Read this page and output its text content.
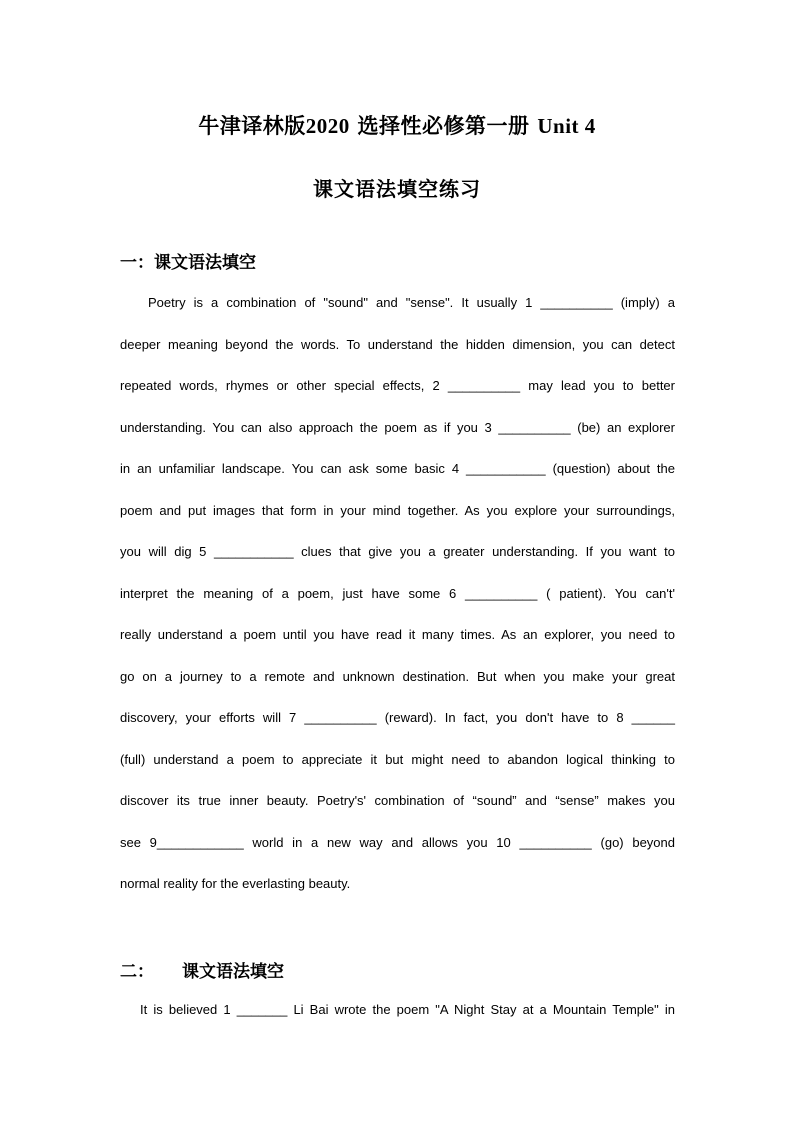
牛津译林版2020 选择性必修第一册 Unit 4
课文语法填空练习
一：课文语法填空
Poetry is a combination of "sound" and "sense". It usually 1 __________ (imply) a
deeper meaning beyond the words. To understand the hidden dimension, you can detect
repeated words, rhymes or other special effects, 2 __________ may lead you to better
understanding. You can also approach the poem as if you 3 __________ (be) an explorer
in an unfamiliar landscape. You can ask some basic 4 ___________ (question) about the
poem and put images that form in your mind together. As you explore your surroundings,
you will dig 5 ___________ clues that give you a greater understanding. If you want to
interpret the meaning of a poem, just have some 6 __________ ( patient). You can't'
really understand a poem until you have read it many times. As an explorer, you need to
go on a journey to a remote and unknown destination. But when you make your great
discovery, your efforts will 7 __________ (reward). In fact, you don't have to 8 ______
(full) understand a poem to appreciate it but might need to abandon logical thinking to
discover its true inner beauty. Poetry's' combination of “sound” and “sense” makes you
see 9____________ world in a new way and allows you 10 __________ (go) beyond
normal reality for the everlasting beauty.
二： 课文语法填空
It is believed 1 _______ Li Bai wrote the poem "A Night Stay at a Mountain Temple" in
